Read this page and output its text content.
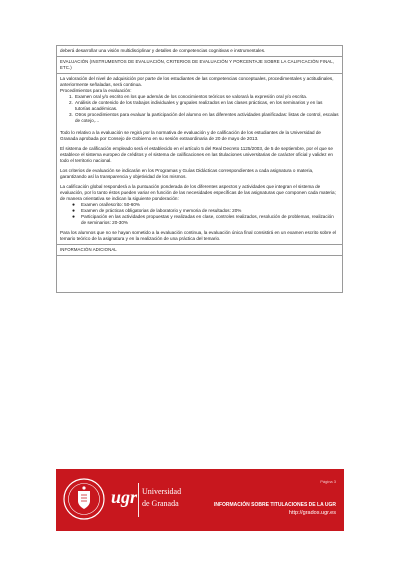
deberá desarrollar una visión multidisciplinar y detalles de competencias cognitivas e instrumentales.
EVALUACIÓN (INSTRUMENTOS DE EVALUACIÓN, CRITERIOS DE EVALUACIÓN Y PORCENTAJE SOBRE LA CALIFICACIÓN FINAL, ETC.)

La valoración del nivel de adquisición por parte de los estudiantes de las competencias conceptuales, procedimentales y actitudinales, anteriormente señaladas, será continua.

Procedimientos para la evaluación:

1. Examen oral y/o escrito en los que además de los conocimientos teóricos se valorará la expresión oral y/o escrita.
2. Análisis de contenido de los trabajos individuales y grupales realizados en las clases prácticas, en los seminarios y en las tutorías académicas.
3. Otros procedimientos para evaluar la participación del alumno en las diferentes actividades planificadas: listas de control, escalas de cotejo,…

Todo lo relativo a la evaluación se regirá por la normativa de evaluación y de calificación de los estudiantes de la Universidad de Granada aprobada por Consejo de Gobierno en su sesión extraordinaria de 20 de mayo de 2013.

El sistema de calificación empleado será el establecido en el artículo 5 del Real Decreto 1125/2003, de 5 de septiembre, por el que se establece el sistema europeo de créditos y el sistema de calificaciones en las titulaciones universitarias de carácter oficial y validez en todo el territorio nacional.

Los criterios de evaluación se indicarán en los Programas y Guías Didácticas correspondientes a cada asignatura o materia, garantizando así la transparencia y objetividad de los mismos.

La calificación global responderá a la puntuación ponderada de los diferentes aspectos y actividades que integran el sistema de evaluación, por lo tanto éstos pueden variar en función de las necesidades específicas de las asignaturas que componen cada materia; de manera orientativa se indican la siguiente ponderación:

●	Examen oral/escrito: 50-60%
●	Examen de prácticas obligatorias de laboratorio y memoria de resultados: 20%
●	Participación en las actividades propuestas y realizadas en clase, controles realizados, resolución de problemas, realización de seminarios: 20-30%

Para los alumnos que no se hayan sometido a la evaluación continua, la evaluación única final consistirá en un examen escrito sobre el temario teórico de la asignatura y en la realización de una práctica del temario.

INFORMACIÓN ADICIONAL
ugr Universidad
de Granada
Página 3
INFORMACIÓN SOBRE TITULACIONES DE LA UGR
http://grados.ugr.es
